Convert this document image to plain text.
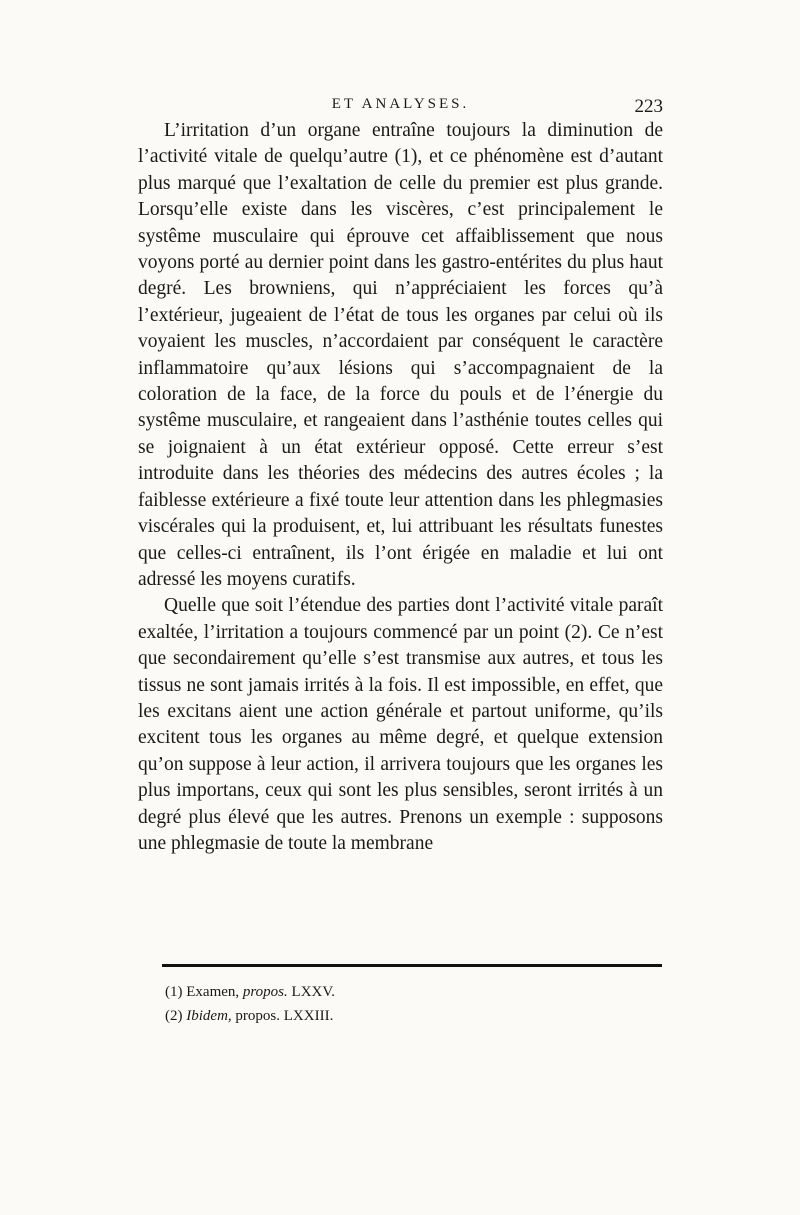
ET ANALYSES.	223

L’irritation d’un organe entraîne toujours la diminution de l’activité vitale de quelqu’autre (1), et ce phénomène est d’autant plus marqué que l’exaltation de celle du premier est plus grande. Lorsqu’elle existe dans les viscères, c’est principalement le systême musculaire qui éprouve cet affaiblissement que nous voyons porté au dernier point dans les gastro-entérites du plus haut degré. Les browniens, qui n’appréciaient les forces qu’à l’extérieur, jugeaient de l’état de tous les organes par celui où ils voyaient les muscles, n’accordaient par conséquent le caractère inflammatoire qu’aux lésions qui s’accompagnaient de la coloration de la face, de la force du pouls et de l’énergie du systême musculaire, et rangeaient dans l’asthénie toutes celles qui se joignaient à un état extérieur opposé. Cette erreur s’est introduite dans les théories des médecins des autres écoles ; la faiblesse extérieure a fixé toute leur attention dans les phlegmasies viscérales qui la produisent, et, lui attribuant les résultats funestes que celles-ci entraînent, ils l’ont érigée en maladie et lui ont adressé les moyens curatifs.

Quelle que soit l’étendue des parties dont l’activité vitale paraît exaltée, l’irritation a toujours commencé par un point (2). Ce n’est que secondairement qu’elle s’est transmise aux autres, et tous les tissus ne sont jamais irrités à la fois. Il est impossible, en effet, que les excitans aient une action générale et partout uniforme, qu’ils excitent tous les organes au même degré, et quelque extension qu’on suppose à leur action, il arrivera toujours que les organes les plus importans, ceux qui sont les plus sensibles, seront irrités à un degré plus élevé que les autres. Prenons un exemple : supposons une phlegmasie de toute la membrane

(1) Examen, propos. LXXV.

(2) Ibidem, propos. LXXIII.
